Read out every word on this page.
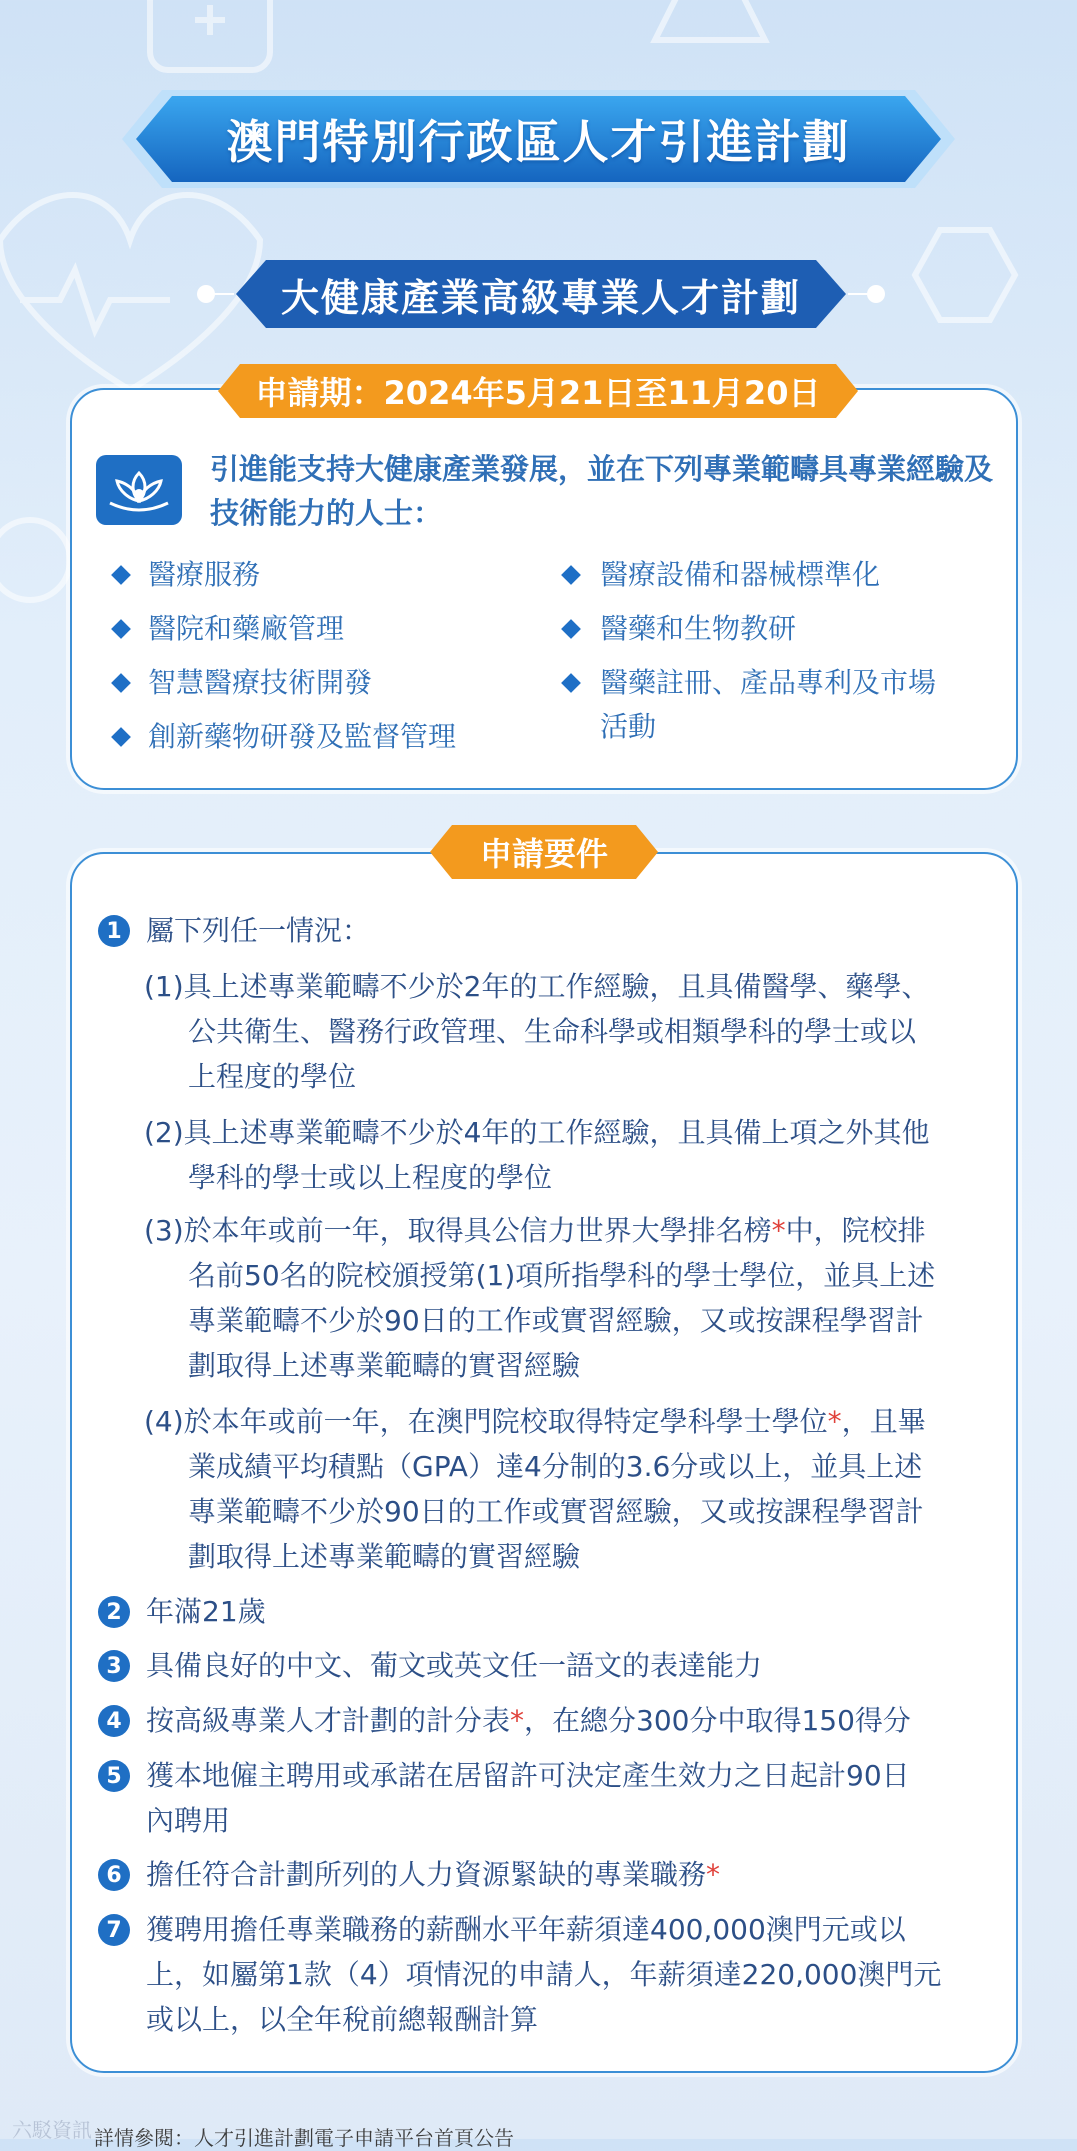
澳門特別行政區人才引進計劃
大健康產業高級專業人才計劃
申請期：2024年5月21日至11月20日
引進能支持大健康產業發展，並在下列專業範疇具專業經驗及技術能力的人士：
醫療服務
醫院和藥廠管理
智慧醫療技術開發
創新藥物研發及監督管理
醫療設備和器械標準化
醫藥和生物教研
醫藥註冊、產品專利及市場
活動
申請要件
1 屬下列任一情況：
(1)具上述專業範疇不少於2年的工作經驗，且具備醫學、藥學、
公共衛生、醫務行政管理、生命科學或相類學科的學士或以
上程度的學位
(2)具上述專業範疇不少於4年的工作經驗，且具備上項之外其他
學科的學士或以上程度的學位
(3)於本年或前一年，取得具公信力世界大學排名榜*中，院校排
名前50名的院校頒授第(1)項所指學科的學士學位，並具上述
專業範疇不少於90日的工作或實習經驗，又或按課程學習計
劃取得上述專業範疇的實習經驗
(4)於本年或前一年，在澳門院校取得特定學科學士學位*，且畢
業成績平均積點（GPA）達4分制的3.6分或以上，並具上述
專業範疇不少於90日的工作或實習經驗，又或按課程學習計
劃取得上述專業範疇的實習經驗
2 年滿21歲
3 具備良好的中文、葡文或英文任一語文的表達能力
4 按高級專業人才計劃的計分表*，在總分300分中取得150得分
5 獲本地僱主聘用或承諾在居留許可決定產生效力之日起計90日
內聘用
6 擔任符合計劃所列的人力資源緊缺的專業職務*
7 獲聘用擔任專業職務的薪酬水平年薪須達400,000澳門元或以
上，如屬第1款（4）項情況的申請人，年薪須達220,000澳門元
或以上，以全年稅前總報酬計算
六駁資訊 詳情參閱：人才引進計劃電子申請平台首頁公告
